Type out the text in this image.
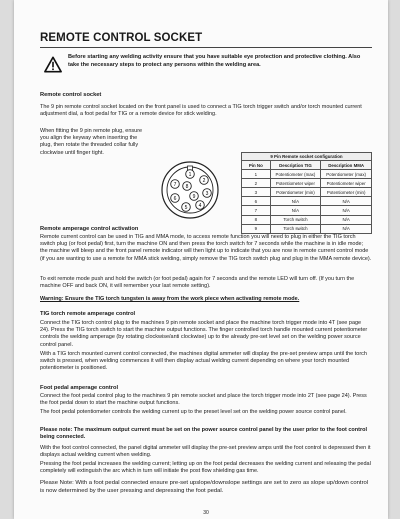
REMOTE CONTROL SOCKET
Before starting any welding activity ensure that you have suitable eye protection and protective clothing. Also take the necessary steps to protect any persons within the welding area.
Remote control socket
The 9 pin remote control socket located on the front panel is used to connect a TIG torch trigger switch and/or torch mounted current adjustment dial, a foot pedal for TIG or a remote device for stick welding.
When fitting the 9 pin remote plug, ensure you align the keyway when inserting the plug, then rotate the threaded collar fully clockwise until finger tight.
1
2
3
4
5
6
7 8
9
9 Pin Remote socket configuration		
Pin No	Description TIG	Description MMA
1	Potentiometer (max)	Potentiometer (max)
2	Potentiometer wiper	Potentiometer wiper
3	Potentiometer (min)	Potentiometer (min)
6	N/A	N/A
7	N/A	N/A
8	Torch switch	N/A
9	Torch switch	N/A
Remote amperage control activation
Remote current control can be used in TIG and MMA mode, to access remote function you will need to plug in either the TIG torch switch plug (or foot pedal) first, turn the machine ON and then press the torch switch for 7 seconds while the machine is in idle mode; the machine will bleep and the front panel remote indicator will then light up to indicate that you are now in remote current control mode (if you are wanting to use a remote for MMA stick welding, simply remove the TIG torch switch plug and plug in the MMA remote device).
To exit remote mode push and hold the switch (or foot pedal) again for 7 seconds and the remote LED will turn off. (If you turn the machine OFF and back ON, it will remember your last remote setting).
Warning: Ensure the TIG torch tungsten is away from the work piece when activating remote mode.
TIG torch remote amperage control
Connect the TIG torch control plug to the machines 9 pin remote socket and place the machine torch trigger mode into 4T (see page 24). Press the TIG torch switch to start the machine output functions. The finger controlled torch handle mounted current potentiometer controls the welding amperage (by rotating clockwise/anti clockwise) up to the already pre-set level set on the welding power source control panel.
With a TIG torch mounted current control connected, the machines digital ammeter will display the pre-set preview amps until the torch switch is pressed, when welding commences it will then display actual welding current depending on where your torch mounted potentiometer is positioned.
Foot pedal amperage control
Connect the foot pedal control plug to the machines 9 pin remote socket and place the torch trigger mode into 2T (see page 24). Press the foot pedal down to start the machine output functions.
The foot pedal potentiometer controls the welding current up to the preset level set on the welding power source control panel.
Please note: The maximum output current must be set on the power source control panel by the user prior to the foot control being connected.
With the foot control connected, the panel digital ammeter will display the pre-set preview amps until the foot control is depressed then it displays actual welding current when welding.
Pressing the foot pedal increases the welding current; letting up on the foot pedal decreases the welding current and releasing the pedal completely will extinguish the arc which in turn will initiate the post flow shielding gas time.
Please Note: With a foot pedal connected ensure pre-set upslope/downslope settings are set to zero as slope up/down control is now determined by the user pressing and depressing the foot pedal.
30
